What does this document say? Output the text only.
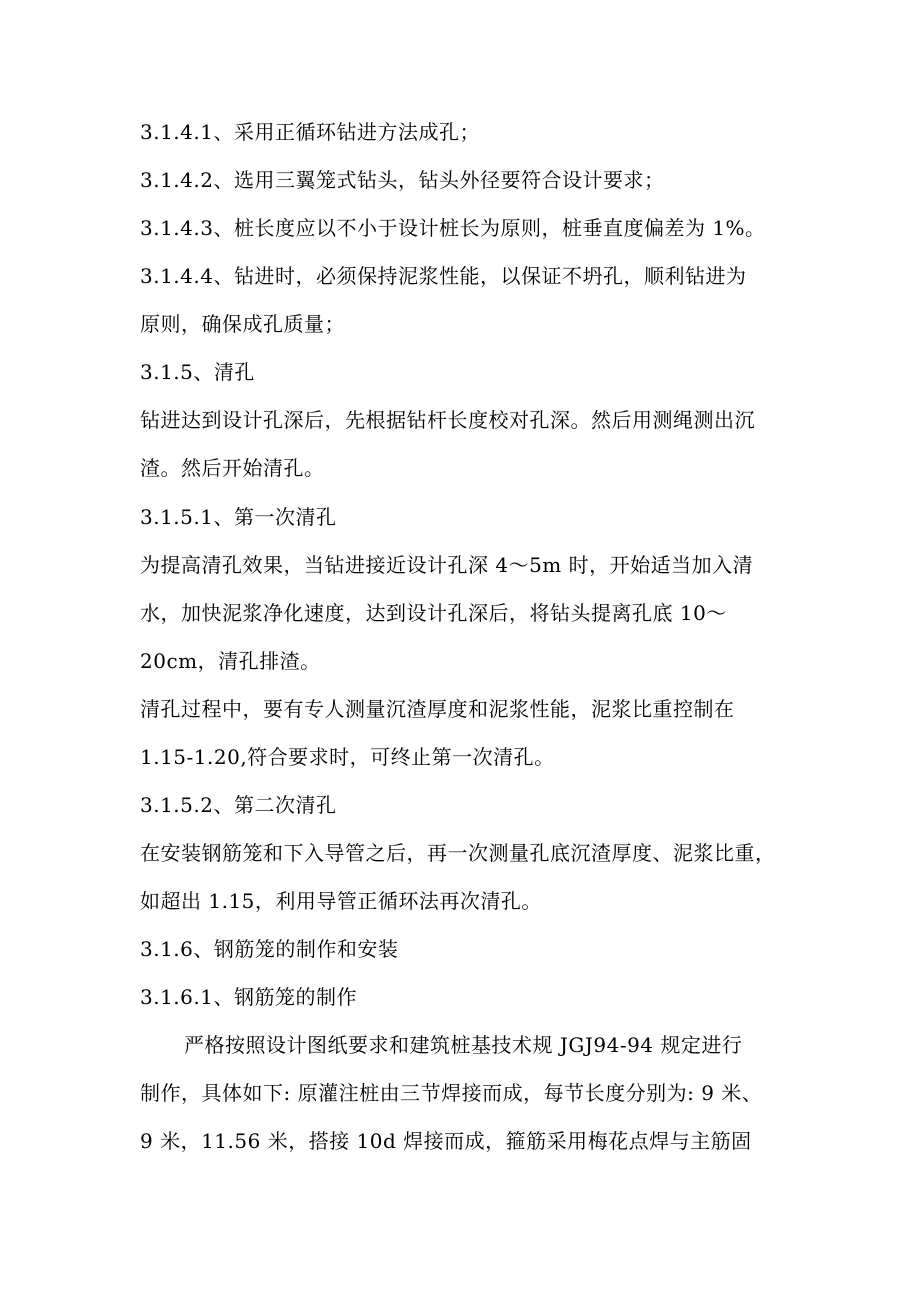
3.1.4.1、采用正循环钻进方法成孔；
3.1.4.2、选用三翼笼式钻头，钻头外径要符合设计要求；
3.1.4.3、桩长度应以不小于设计桩长为原则，桩垂直度偏差为 1%。
3.1.4.4、钻进时，必须保持泥浆性能，以保证不坍孔，顺利钻进为
原则，确保成孔质量；
3.1.5、清孔
钻进达到设计孔深后，先根据钻杆长度校对孔深。然后用测绳测出沉
渣。然后开始清孔。
3.1.5.1、第一次清孔
为提高清孔效果，当钻进接近设计孔深 4～5m 时，开始适当加入清
水，加快泥浆净化速度，达到设计孔深后，将钻头提离孔底 10～
20cm，清孔排渣。
清孔过程中，要有专人测量沉渣厚度和泥浆性能，泥浆比重控制在
1.15-1.20,符合要求时，可终止第一次清孔。
3.1.5.2、第二次清孔
在安装钢筋笼和下入导管之后，再一次测量孔底沉渣厚度、泥浆比重，
如超出 1.15，利用导管正循环法再次清孔。
3.1.6、钢筋笼的制作和安装
3.1.6.1、钢筋笼的制作
严格按照设计图纸要求和建筑桩基技术规 JGJ94-94 规定进行
制作，具体如下: 原灌注桩由三节焊接而成，每节长度分别为: 9 米、
9 米，11.56 米，搭接 10d 焊接而成，箍筋采用梅花点焊与主筋固
